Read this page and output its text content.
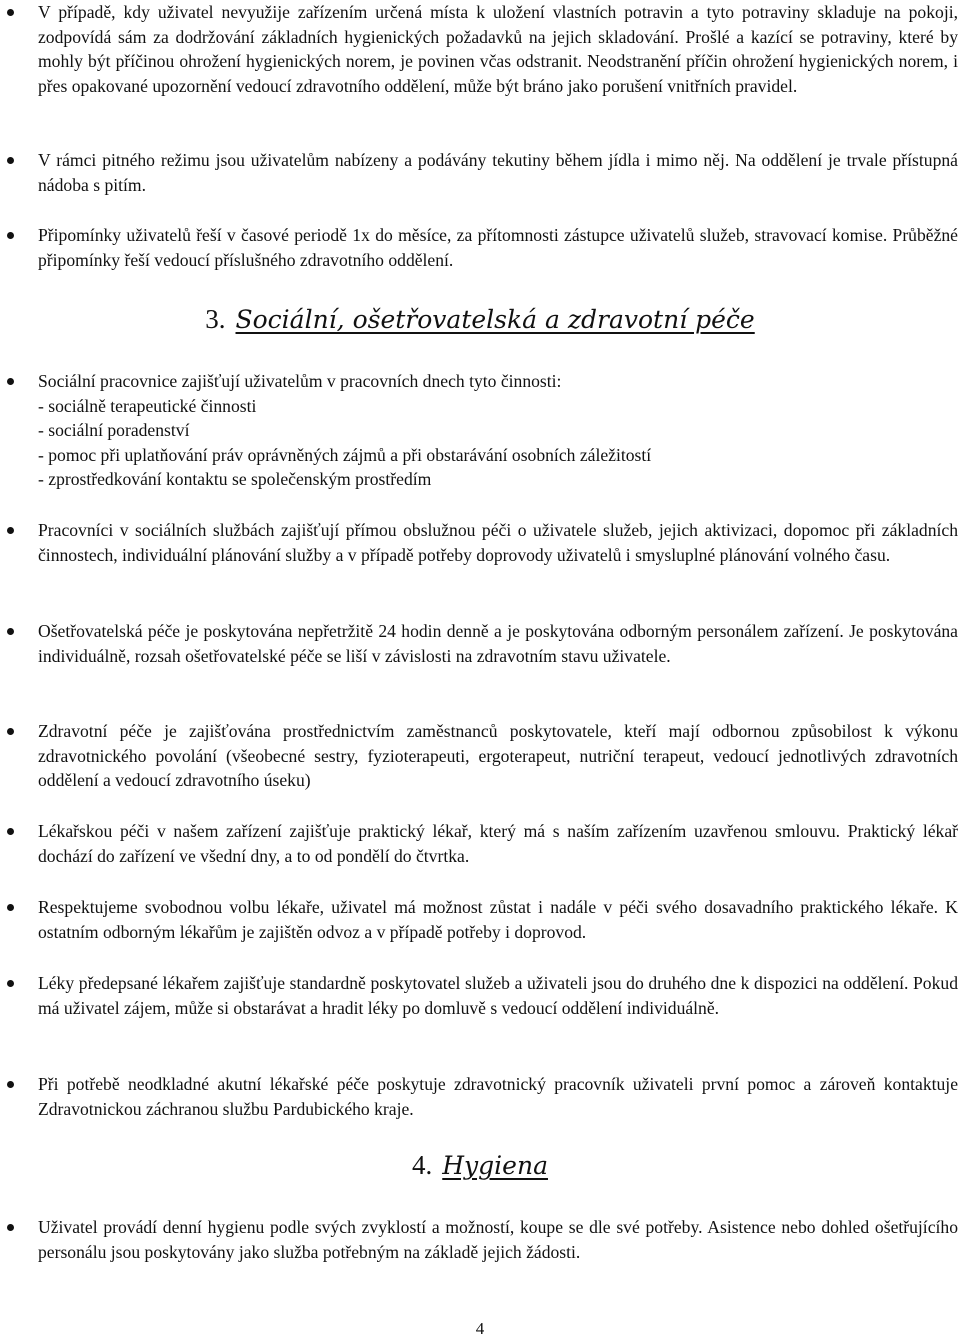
V případě, kdy uživatel nevyužije zařízením určená místa k uložení vlastních potravin a tyto potraviny skladuje na pokoji, zodpovídá sám za dodržování základních hygienických požadavků na jejich skladování. Prošlé a kazící se potraviny, které by mohly být příčinou ohrožení hygienických norem, je povinen včas odstranit. Neodstranění příčin ohrožení hygienických norem, i přes opakované upozornění vedoucí zdravotního oddělení, může být bráno jako porušení vnitřních pravidel.
V rámci pitného režimu jsou uživatelům nabízeny a podávány tekutiny během jídla i mimo něj. Na oddělení je trvale přístupná nádoba s pitím.
Připomínky uživatelů řeší v časové periodě 1x do měsíce, za přítomnosti zástupce uživatelů služeb, stravovací komise. Průběžné připomínky řeší vedoucí příslušného zdravotního oddělení.
3. Sociální, ošetřovatelská a zdravotní péče
Sociální pracovnice zajišťují uživatelům v pracovních dnech tyto činnosti:
- sociálně terapeutické činnosti
- sociální poradenství
- pomoc při uplatňování práv oprávněných zájmů a při obstarávání osobních záležitostí
- zprostředkování kontaktu se společenským prostředím
Pracovníci v sociálních službách zajišťují přímou obslužnou péči o uživatele služeb, jejich aktivizaci, dopomoc při základních činnostech, individuální plánování služby a v případě potřeby doprovody uživatelů i smysluplné plánování volného času.
Ošetřovatelská péče je poskytována nepřetržitě 24 hodin denně a je poskytována odborným personálem zařízení. Je poskytována individuálně, rozsah ošetřovatelské péče se liší v závislosti na zdravotním stavu uživatele.
Zdravotní péče je zajišťována prostřednictvím zaměstnanců poskytovatele, kteří mají odbornou způsobilost k výkonu zdravotnického povolání (všeobecné sestry, fyzioterapeuti, ergoterapeut, nutriční terapeut, vedoucí jednotlivých zdravotních oddělení a vedoucí zdravotního úseku)
Lékařskou péči v našem zařízení zajišťuje praktický lékař, který má s naším zařízením uzavřenou smlouvu. Praktický lékař dochází do zařízení ve všední dny, a to od pondělí do čtvrtka.
Respektujeme svobodnou volbu lékaře, uživatel má možnost zůstat i nadále v péči svého dosavadního praktického lékaře. K ostatním odborným lékařům je zajištěn odvoz a v případě potřeby i doprovod.
Léky předepsané lékařem zajišťuje standardně poskytovatel služeb a uživateli jsou do druhého dne k dispozici na oddělení. Pokud má uživatel zájem, může si obstarávat a hradit léky po domluvě s vedoucí oddělení individuálně.
Při potřebě neodkladné akutní lékařské péče poskytuje zdravotnický pracovník uživateli první pomoc a zároveň kontaktuje Zdravotnickou záchranou službu Pardubického kraje.
4. Hygiena
Uživatel provádí denní hygienu podle svých zvyklostí a možností, koupe se dle své potřeby. Asistence nebo dohled ošetřujícího personálu jsou poskytovány jako služba potřebným na základě jejich žádosti.
4
